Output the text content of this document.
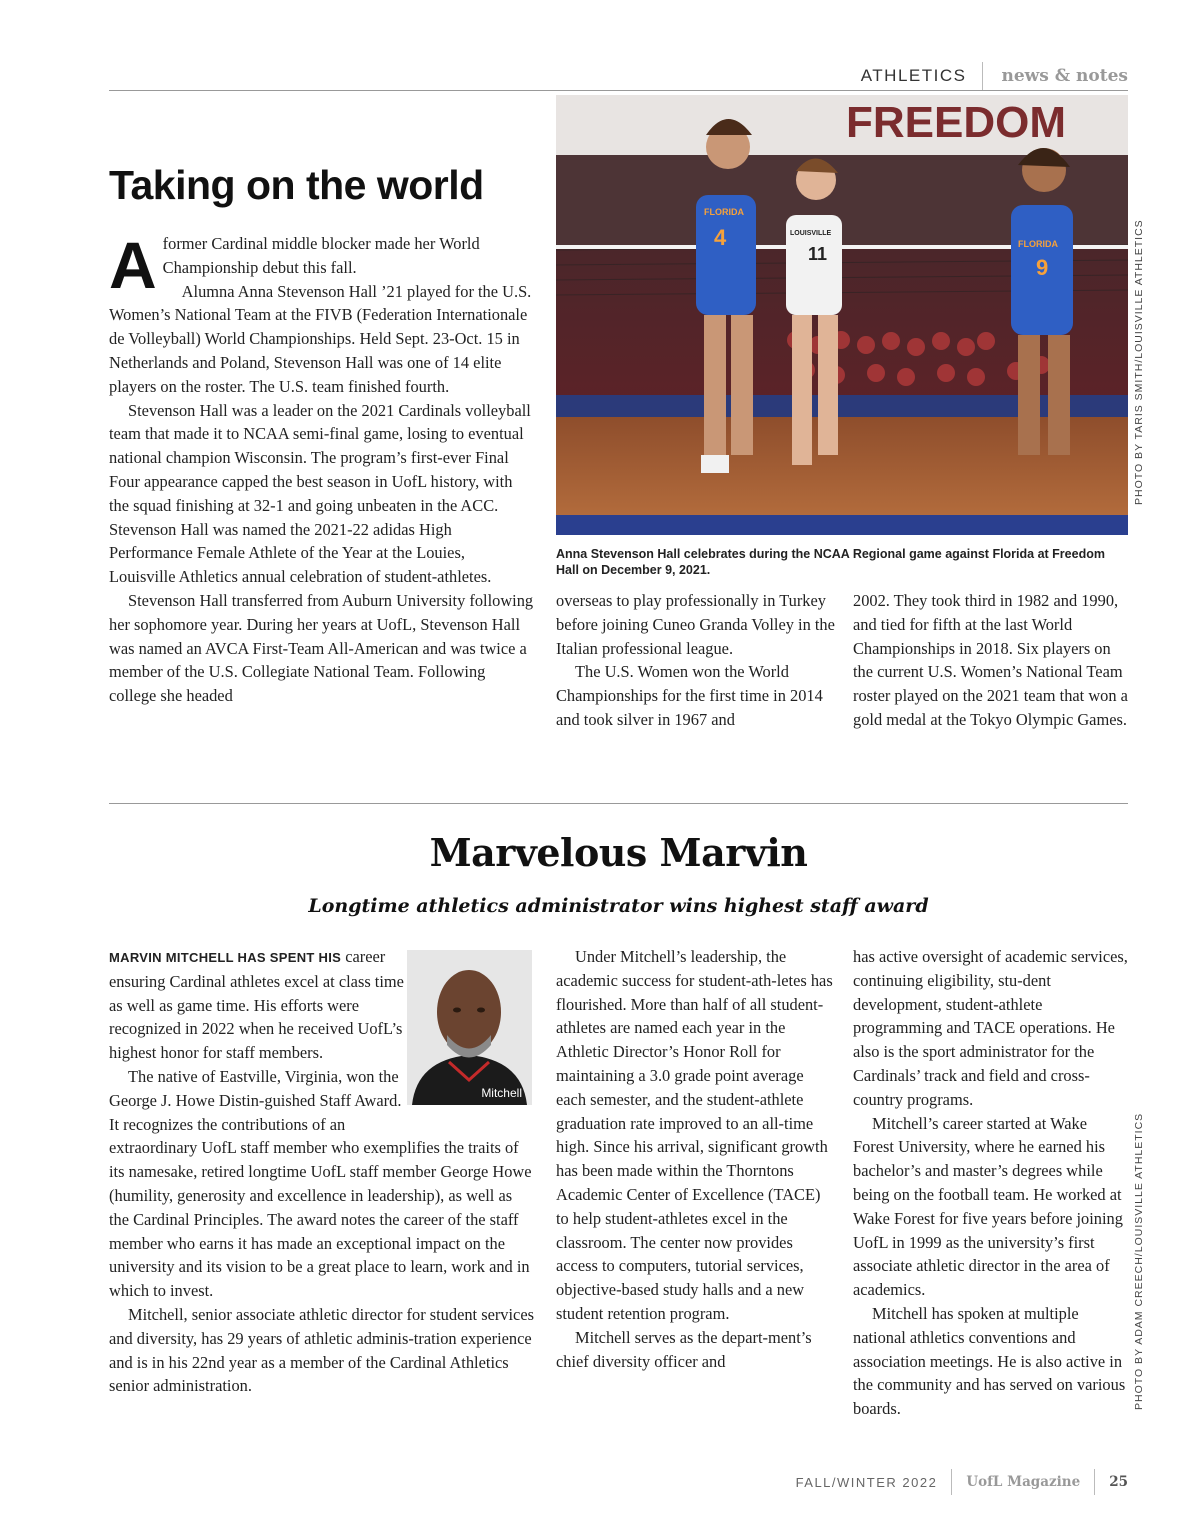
ATHLETICS	news & notes
Taking on the world

Aformer Cardinal middle blocker made her World Championship debut this fall.

Alumna Anna Stevenson Hall ’21 played for the U.S. Women’s National Team at the FIVB (Federation Internationale de Volleyball) World Championships. Held Sept. 23-Oct. 15 in Netherlands and Poland, Stevenson Hall was one of 14 elite players on the roster. The U.S. team finished fourth.

Stevenson Hall was a leader on the 2021 Cardinals volleyball team that made it to NCAA semi-final game, losing to eventual national champion Wisconsin. The program’s first-ever Final Four appearance capped the best season in UofL history, with the squad finishing at 32-1 and going unbeaten in the ACC. Stevenson Hall was named the 2021-22 adidas High Performance Female Athlete of the Year at the Louies, Louisville Athletics annual celebration of student-athletes.

Stevenson Hall transferred from Auburn University following her sophomore year. During her years at UofL, Stevenson Hall was named an AVCA First-Team All-American and was twice a member of the U.S. Collegiate National Team. Following college she headed

FREEDOM
4
FLORIDA
11
LOUISVILLE
9
FLORIDA	PHOTO BY TARIS SMITH/LOUISVILLE ATHLETICS

Anna Stevenson Hall celebrates during the NCAA Regional game against Florida at Freedom Hall on December 9, 2021.

overseas to play professionally in Turkey before joining Cuneo Granda Volley in the Italian professional league.

The U.S. Women won the World Championships for the first time in 2014 and took silver in 1967 and

2002. They took third in 1982 and 1990, and tied for fifth at the last World Championships in 2018. Six players on the current U.S. Women’s National Team roster played on the 2021 team that won a gold medal at the Tokyo Olympic Games.

Marvelous Marvin

Longtime athletics administrator wins highest staff award

Mitchell

MARVIN MITCHELL HAS SPENT HIS career ensuring Cardinal athletes excel at class time as well as game time. His efforts were recognized in 2022 when he received UofL’s highest honor for staff members.

The native of Eastville, Virginia, won the George J. Howe Distin-guished Staff Award. It recognizes the contributions of an extraordinary UofL staff member who exemplifies the traits of its namesake, retired longtime UofL staff member George Howe (humility, generosity and excellence in leadership), as well as the Cardinal Principles. The award notes the career of the staff member who earns it has made an exceptional impact on the university and its vision to be a great place to learn, work and in which to invest.

Mitchell, senior associate athletic director for student services and diversity, has 29 years of athletic adminis-tration experience and is in his 22nd year as a member of the Cardinal Athletics senior administration.

Under Mitchell’s leadership, the academic success for student-ath-letes has flourished. More than half of all student-athletes are named each year in the Athletic Director’s Honor Roll for maintaining a 3.0 grade point average each semester, and the student-athlete graduation rate improved to an all-time high. Since his arrival, significant growth has been made within the Thorntons Academic Center of Excellence (TACE) to help student-athletes excel in the classroom. The center now provides access to computers, tutorial services, objective-based study halls and a new student retention program.

Mitchell serves as the depart-ment’s chief diversity officer and

has active oversight of academic services, continuing eligibility, stu-dent development, student-athlete programming and TACE operations. He also is the sport administrator for the Cardinals’ track and field and cross-country programs.

Mitchell’s career started at Wake Forest University, where he earned his bachelor’s and master’s degrees while being on the football team. He worked at Wake Forest for five years before joining UofL in 1999 as the university’s first associate athletic director in the area of academics.

Mitchell has spoken at multiple national athletics conventions and association meetings. He is also active in the community and has served on various boards.	PHOTO BY ADAM CREECH/LOUISVILLE ATHLETICS
FALL/WINTER 2022	UofL Magazine	25
